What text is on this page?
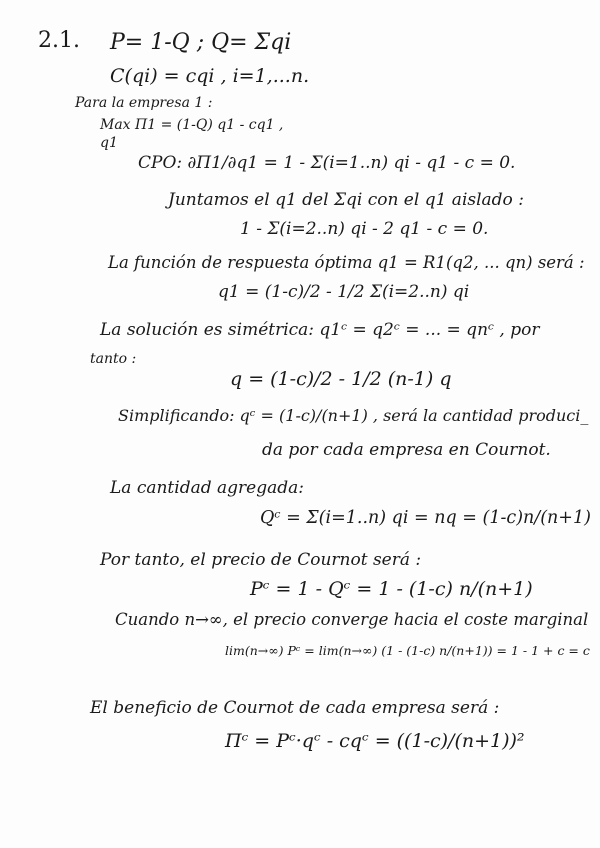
2.1. P= 1-Q ; Q= Σqi
C(qi) = cqi , i=1,...n.
Para la empresa 1 :
Max Π1 = (1-Q) q1 - cq1 ,
q1
CPO: ∂Π1/∂q1 = 1 - Σ(i=1..n) qi - q1 - c = 0.
Juntamos el q1 del Σqi con el q1 aislado :
1 - Σ(i=2..n) qi - 2 q1 - c = 0.
La función de respuesta óptima q1 = R1(q2, ... qn) será :
q1 = (1-c)/2 - 1/2 Σ(i=2..n) qi
La solución es simétrica: q1ᶜ = q2ᶜ = ... = qnᶜ , por
tanto :
q = (1-c)/2 - 1/2 (n-1) q
Simplificando: qᶜ = (1-c)/(n+1) , será la cantidad produci_
da por cada empresa en Cournot.
La cantidad agregada:
Qᶜ = Σ(i=1..n) qi = nq = (1-c)n/(n+1)
Por tanto, el precio de Cournot será :
Pᶜ = 1 - Qᶜ = 1 - (1-c) n/(n+1)
Cuando n→∞, el precio converge hacia el coste marginal
lim(n→∞) Pᶜ = lim(n→∞) (1 - (1-c) n/(n+1)) = 1 - 1 + c = c
El beneficio de Cournot de cada empresa será :
Πᶜ = Pᶜ·qᶜ - cqᶜ = ((1-c)/(n+1))²
